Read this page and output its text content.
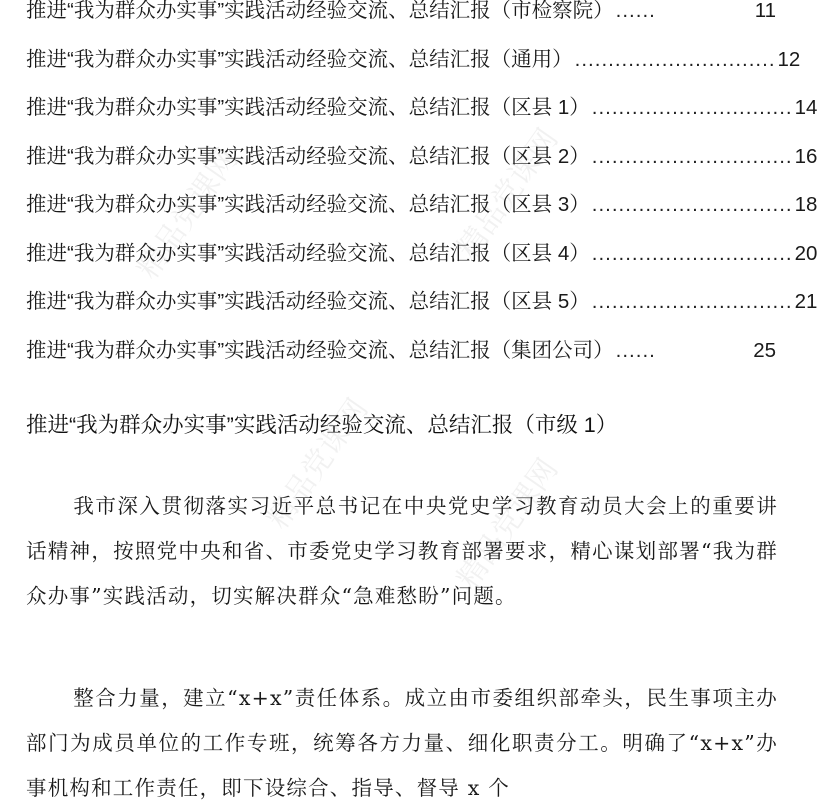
推进“我为群众办实事”实践活动经验交流、总结汇报（市检察院） ......	11
推进“我为群众办实事”实践活动经验交流、总结汇报（通用） .............................. 12
推进“我为群众办实事”实践活动经验交流、总结汇报（区县 1） .............................. 14
推进“我为群众办实事”实践活动经验交流、总结汇报（区县 2） .............................. 16
推进“我为群众办实事”实践活动经验交流、总结汇报（区县 3） .............................. 18
推进“我为群众办实事”实践活动经验交流、总结汇报（区县 4） .............................. 20
推进“我为群众办实事”实践活动经验交流、总结汇报（区县 5） .............................. 21
推进“我为群众办实事”实践活动经验交流、总结汇报（集团公司） ......	25
推进“我为群众办实事”实践活动经验交流、总结汇报（市级 1）

我市深入贯彻落实习近平总书记在中央党史学习教育动员大会上的重要讲话精神，按照党中央和省、市委党史学习教育部署要求，精心谋划部署“我为群众办事”实践活动，切实解决群众“急难愁盼”问题。

整合力量，建立“x+x”责任体系。成立由市委组织部牵头，民生事项主办部门为成员单位的工作专班，统筹各方力量、细化职责分工。明确了“x+x”办事机构和工作责任，即下设综合、指导、督导 x 个

精品党课网	精品党课网
精品党课网	精品党课网
